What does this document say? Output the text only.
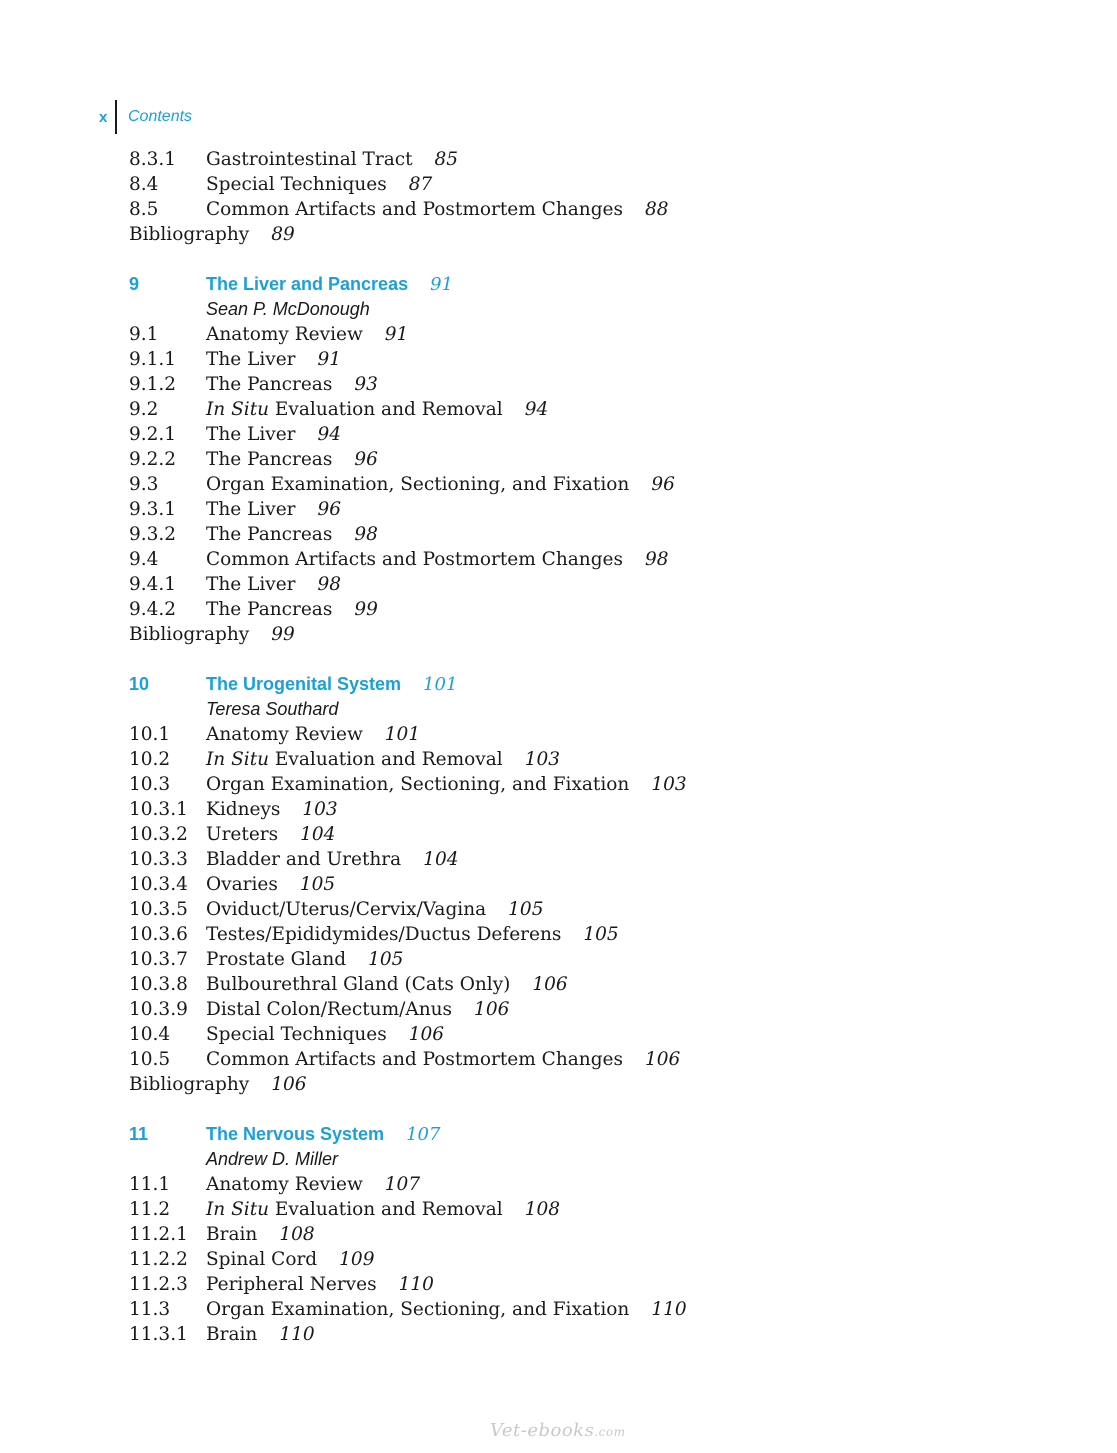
x	Contents
8.3.1 Gastrointestinal Tract 85
8.4	Special Techniques 87
8.5	Common Artifacts and Postmortem Changes 88
Bibliography 89
9	The Liver and Pancreas 91
Sean P. McDonough
9.1	Anatomy Review 91
9.1.1 The Liver 91
9.1.2 The Pancreas 93
9.2	In Situ Evaluation and Removal 94
9.2.1 The Liver 94
9.2.2 The Pancreas 96
9.3	Organ Examination, Sectioning, and Fixation 96
9.3.1 The Liver 96
9.3.2 The Pancreas 98
9.4	Common Artifacts and Postmortem Changes 98
9.4.1 The Liver 98
9.4.2 The Pancreas 99
Bibliography 99
10	The Urogenital System 101
Teresa Southard
10.1 Anatomy Review 101
10.2 In Situ Evaluation and Removal 103
10.3 Organ Examination, Sectioning, and Fixation 103
10.3.1 Kidneys 103
10.3.2 Ureters 104
10.3.3 Bladder and Urethra 104
10.3.4 Ovaries 105
10.3.5 Oviduct/Uterus/Cervix/Vagina 105
10.3.6 Testes/Epididymides/Ductus Deferens 105
10.3.7 Prostate Gland 105
10.3.8 Bulbourethral Gland (Cats Only) 106
10.3.9 Distal Colon/Rectum/Anus 106
10.4 Special Techniques 106
10.5 Common Artifacts and Postmortem Changes 106
Bibliography 106
11	The Nervous System 107
Andrew D. Miller
11.1 Anatomy Review 107
11.2 In Situ Evaluation and Removal 108
11.2.1 Brain 108
11.2.2 Spinal Cord 109
11.2.3 Peripheral Nerves 110
11.3 Organ Examination, Sectioning, and Fixation 110
11.3.1 Brain 110
Vet-ebooks.com
